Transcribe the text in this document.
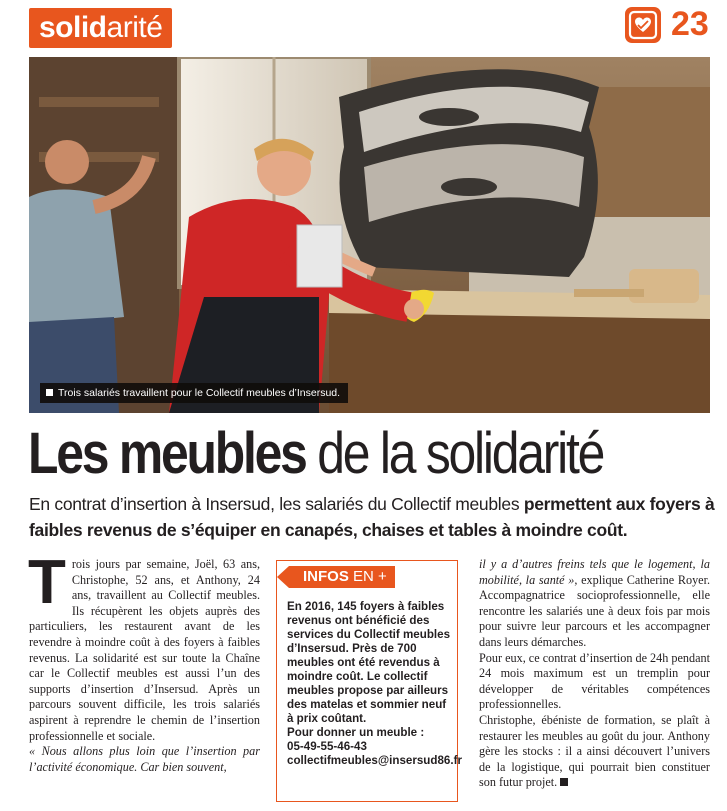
solidarité	23
Trois salariés travaillent pour le Collectif meubles d’Insersud.
Les meubles de la solidarité
En contrat d’insertion à Insersud, les salariés du Collectif meubles permettent aux foyers à faibles revenus de s’équiper en canapés, chaises et tables à moindre coût.
T rois jours par semaine, Joël, 63 ans, Christophe, 52 ans, et Anthony, 24 ans, travaillent au Collectif meubles. Ils récupèrent les objets auprès des particuliers, les restaurent avant de les revendre à moindre coût à des foyers à faibles revenus. La solidarité est sur toute la Chaîne car le Collectif meubles est aussi l’un des supports d’insertion d’Insersud. Après un parcours souvent difficile, les trois salariés aspirent à reprendre le chemin de l’insertion professionnelle et sociale.

« Nous allons plus loin que l’insertion par l’activité économique. Car bien souvent,

INFOS EN +

En 2016, 145 foyers à faibles revenus ont bénéficié des services du Collectif meubles d’Insersud. Près de 700 meubles ont été revendus à moindre coût. Le collectif meubles propose par ailleurs des matelas et sommier neuf à prix coûtant.

Pour donner un meuble :

05-49-55-46-43

collectifmeubles@insersud86.fr

il y a d’autres freins tels que le logement, la mobilité, la santé », explique Catherine Royer. Accompagnatrice socioprofessionnelle, elle rencontre les salariés une à deux fois par mois pour suivre leur parcours et les accompagner dans leurs démarches.

Pour eux, ce contrat d’insertion de 24h pendant 24 mois maximum est un tremplin pour développer de véritables compétences professionnelles.

Christophe, ébéniste de formation, se plaît à restaurer les meubles au goût du jour. Anthony gère les stocks : il a ainsi découvert l’univers de la logistique, qui pourrait bien constituer son futur projet.
